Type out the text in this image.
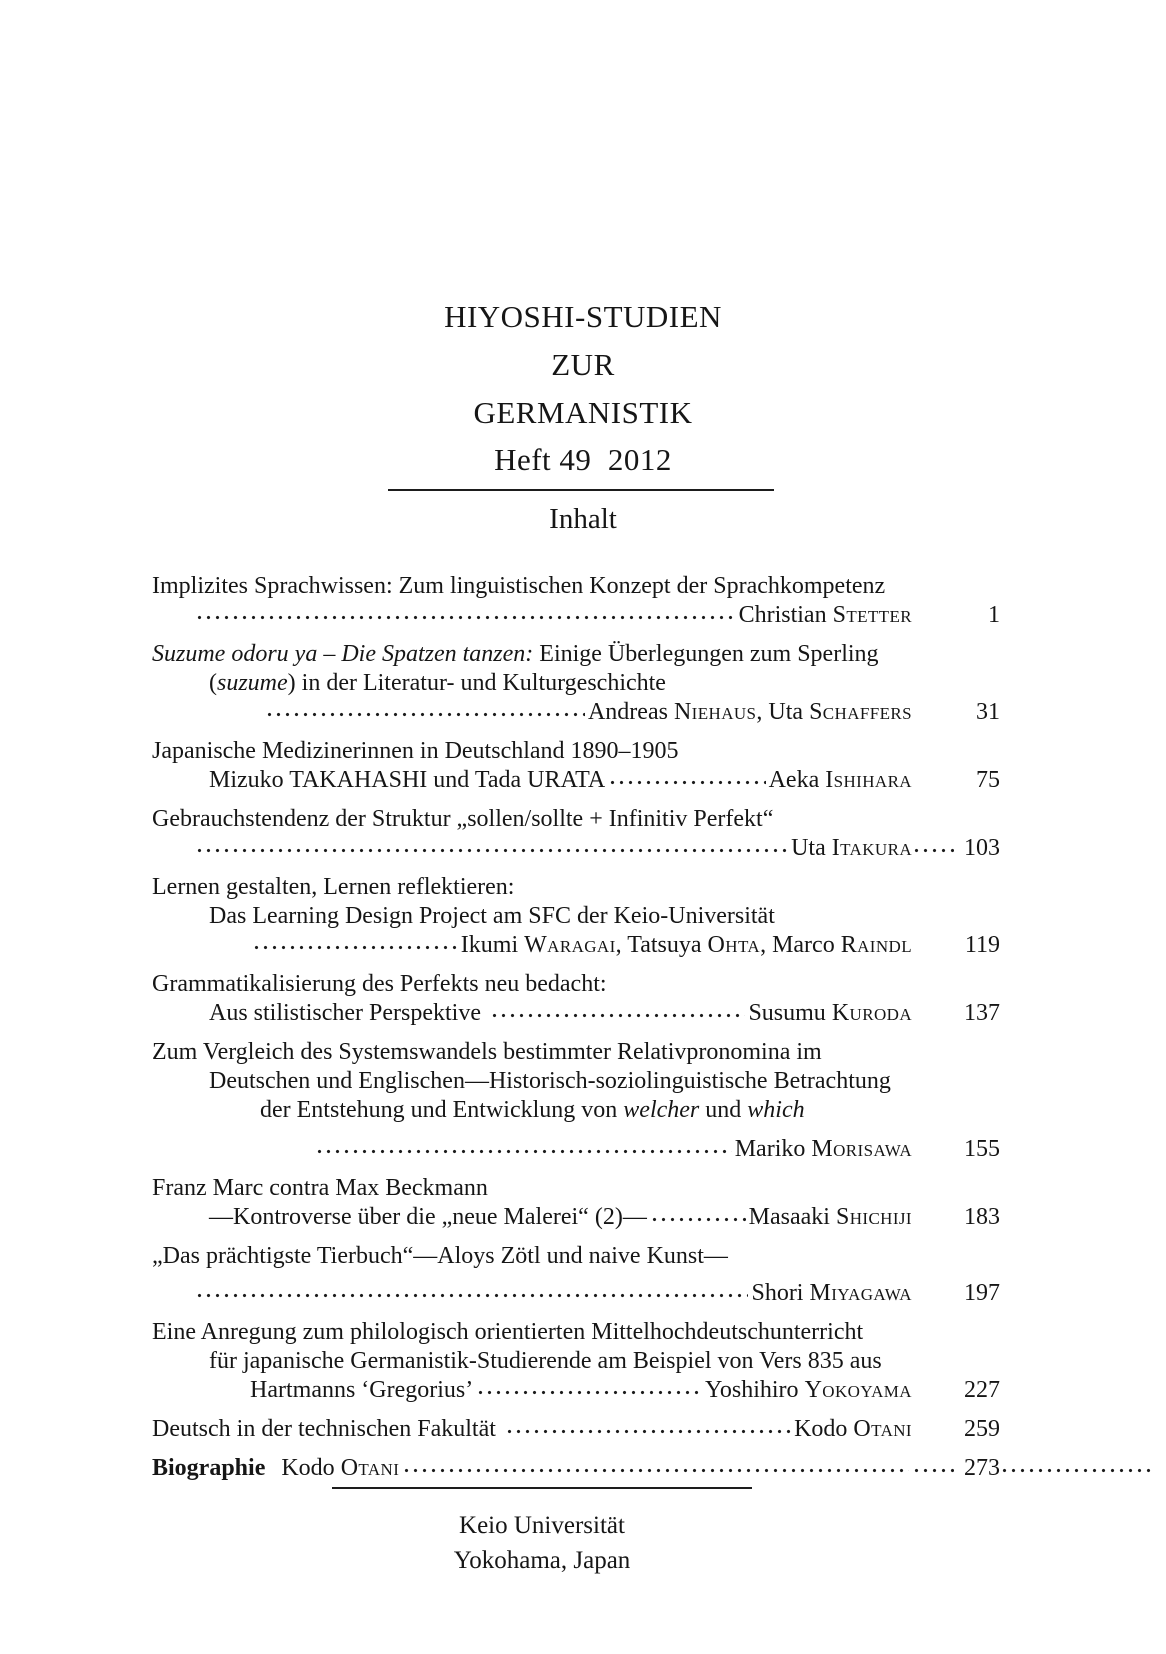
HIYOSHI-STUDIEN
ZUR
GERMANISTIK
Heft 49  2012
Inhalt
Implizites Sprachwissen: Zum linguistischen Konzept der Sprachkompetenz
Christian Stetter	1
Suzume odoru ya – Die Spatzen tanzen: Einige Überlegungen zum Sperling
( suzume ) in der Literatur- und Kulturgeschichte
Andreas Niehaus , Uta Schaffers	31
Japanische Medizinerinnen in Deutschland 1890–1905
Mizuko TAKAHASHI und Tada URATA	Aeka Ishihara	75
Gebrauchstendenz der Struktur „sollen/sollte + Infinitiv Perfekt“
Uta Itakura	103
Lernen gestalten, Lernen reflektieren:
Das Learning Design Project am SFC der Keio-Universität
Ikumi Waragai , Tatsuya Ohta , Marco Raindl	119
Grammatikalisierung des Perfekts neu bedacht:
Aus stilistischer Perspektive	Susumu Kuroda	137
Zum Vergleich des Systemswandels bestimmter Relativpronomina im
Deutschen und Englischen—Historisch-soziolinguistische Betrachtung
der Entstehung und Entwicklung von welcher und which
Mariko Morisawa	155
Franz Marc contra Max Beckmann
—Kontroverse über die „neue Malerei“ (2)—	Masaaki Shichiji	183
„Das prächtigste Tierbuch“—Aloys Zötl und naive Kunst—
Shori Miyagawa	197
Eine Anregung zum philologisch orientierten Mittelhochdeutschunterricht
für japanische Germanistik-Studierende am Beispiel von Vers 835 aus
Hartmanns ‘Gregorius’	Yoshihiro Yokoyama	227
Deutsch in der technischen Fakultät	Kodo Otani	259
Biographie Kodo Otani	273
Keio Universität
Yokohama, Japan
